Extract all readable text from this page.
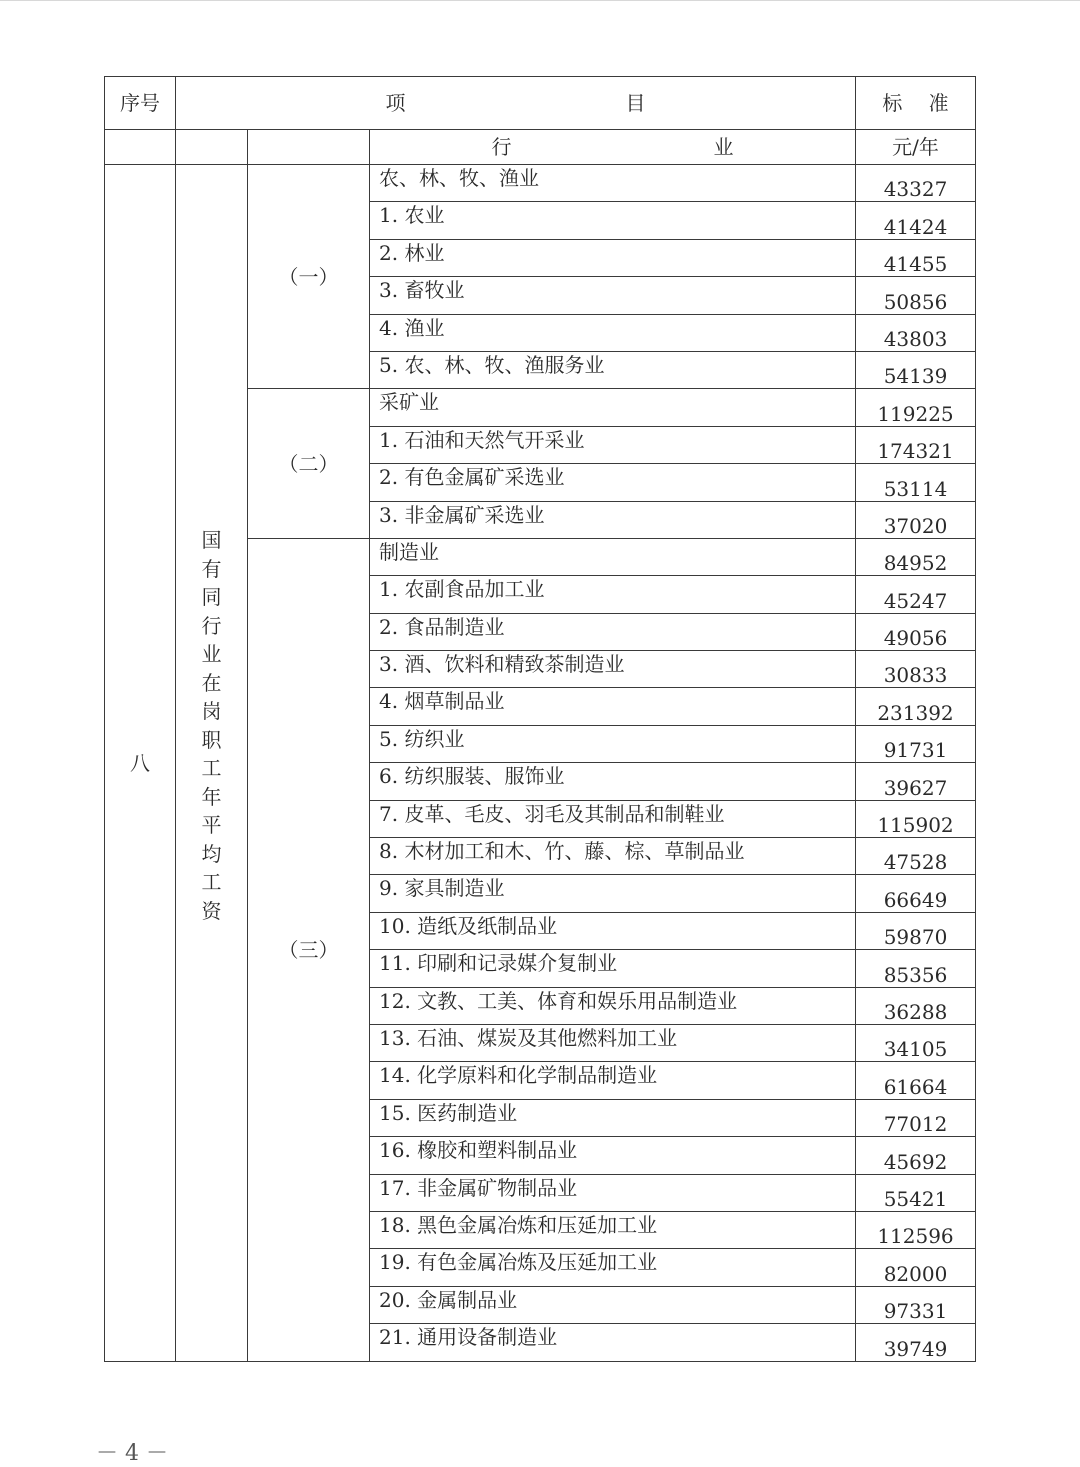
序号	项　　目			标 准
			行　　业	元/年
八	国有同行业在岗职工年平均工资	（一）	农、林、牧、渔业	43327
			1. 农业	41424
			2. 林业	41455
			3. 畜牧业	50856
			4. 渔业	43803
			5. 农、林、牧、渔服务业	54139
		（二）	采矿业	119225
			1. 石油和天然气开采业	174321
			2. 有色金属矿采选业	53114
			3. 非金属矿采选业	37020
		（三）	制造业	84952
			1. 农副食品加工业	45247
			2. 食品制造业	49056
			3. 酒、饮料和精致茶制造业	30833
			4. 烟草制品业	231392
			5. 纺织业	91731
			6. 纺织服装、服饰业	39627
			7. 皮革、毛皮、羽毛及其制品和制鞋业	115902
			8. 木材加工和木、竹、藤、棕、草制品业	47528
			9. 家具制造业	66649
			10. 造纸及纸制品业	59870
			11. 印刷和记录媒介复制业	85356
			12. 文教、工美、体育和娱乐用品制造业	36288
			13. 石油、煤炭及其他燃料加工业	34105
			14. 化学原料和化学制品制造业	61664
			15. 医药制造业	77012
			16. 橡胶和塑料制品业	45692
			17. 非金属矿物制品业	55421
			18. 黑色金属冶炼和压延加工业	112596
			19. 有色金属冶炼及压延加工业	82000
			20. 金属制品业	97331
			21. 通用设备制造业	39749
－ 4 －
